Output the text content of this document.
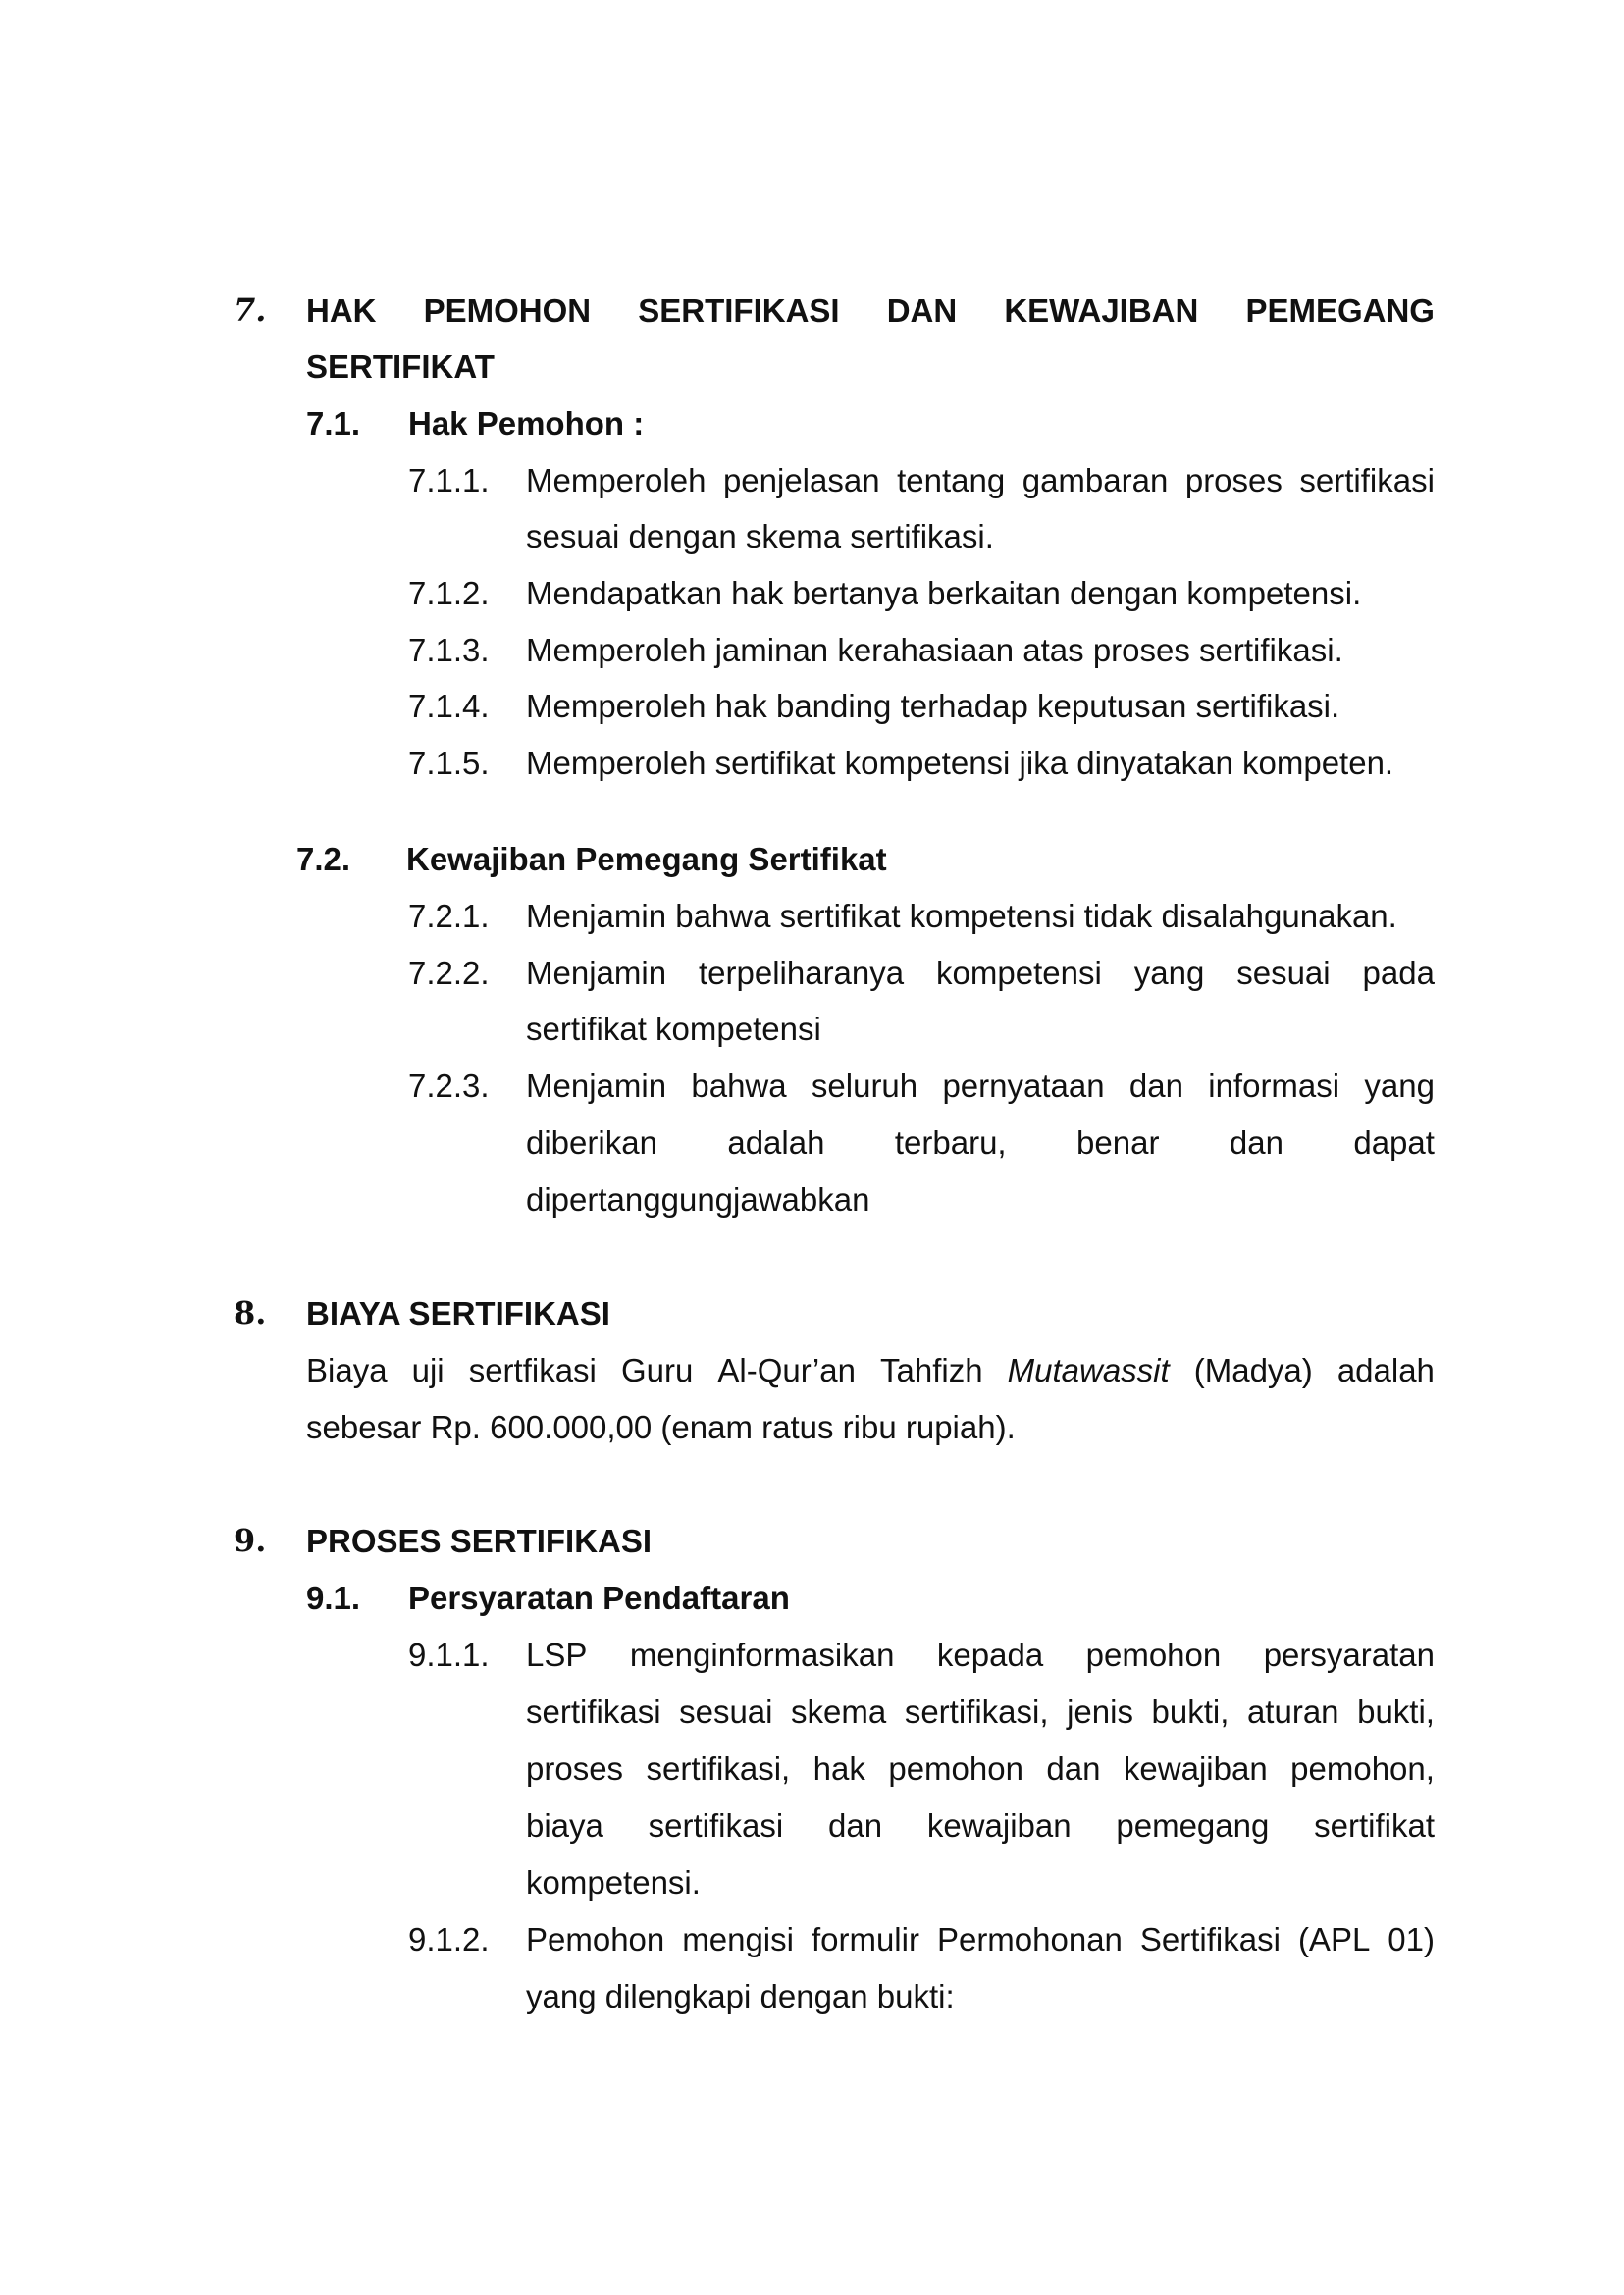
7. HAK PEMOHON SERTIFIKASI DAN KEWAJIBAN PEMEGANG
SERTIFIKAT
7.1. Hak Pemohon :
7.1.1. Memperoleh penjelasan tentang gambaran proses sertifikasi
sesuai dengan skema sertifikasi.
7.1.2. Mendapatkan hak bertanya berkaitan dengan kompetensi.
7.1.3. Memperoleh jaminan kerahasiaan atas proses sertifikasi.
7.1.4. Memperoleh hak banding terhadap keputusan sertifikasi.
7.1.5. Memperoleh sertifikat kompetensi jika dinyatakan kompeten.
7.2. Kewajiban Pemegang Sertifikat
7.2.1. Menjamin bahwa sertifikat kompetensi tidak disalahgunakan.
7.2.2. Menjamin terpeliharanya kompetensi yang sesuai pada
sertifikat kompetensi
7.2.3. Menjamin bahwa seluruh pernyataan dan informasi yang
diberikan adalah terbaru, benar dan dapat
dipertanggungjawabkan
8. BIAYA SERTIFIKASI
Biaya uji sertfikasi Guru Al-Qur’an Tahfizh Mutawassit (Madya) adalah
sebesar Rp. 600.000,00 (enam ratus ribu rupiah).
9. PROSES SERTIFIKASI
9.1. Persyaratan Pendaftaran
9.1.1. LSP menginformasikan kepada pemohon persyaratan
sertifikasi sesuai skema sertifikasi, jenis bukti, aturan bukti,
proses sertifikasi, hak pemohon dan kewajiban pemohon,
biaya sertifikasi dan kewajiban pemegang sertifikat
kompetensi.
9.1.2. Pemohon mengisi formulir Permohonan Sertifikasi (APL 01)
yang dilengkapi dengan bukti:
